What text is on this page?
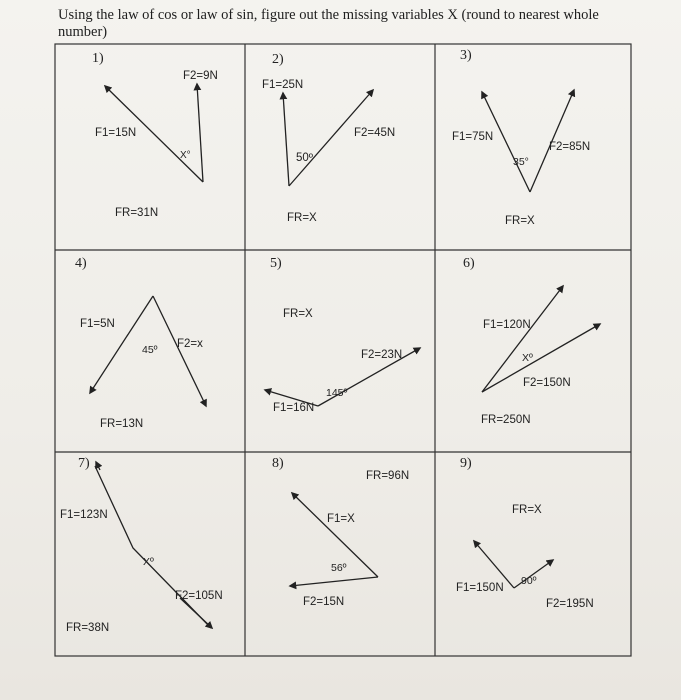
Using the law of cos or law of sin, figure out the missing variables X (round to nearest whole number)
1)	2)	3)
4)	5)	6)
7)	8)	9)
F2=9N
F1=15N
X°
FR=31N
F1=25N
F2=45N
50º
FR=X
F1=75N
F2=85N
35°
FR=X
F1=5N
F2=x
45º
FR=13N
FR=X
F2=23N
145º
F1=16N
F1=120N
Xº
F2=150N
FR=250N
F1=123N
Xº
F2=105N
FR=38N
FR=96N
F1=X
56º
F2=15N
FR=X
90º
F1=150N
F2=195N
